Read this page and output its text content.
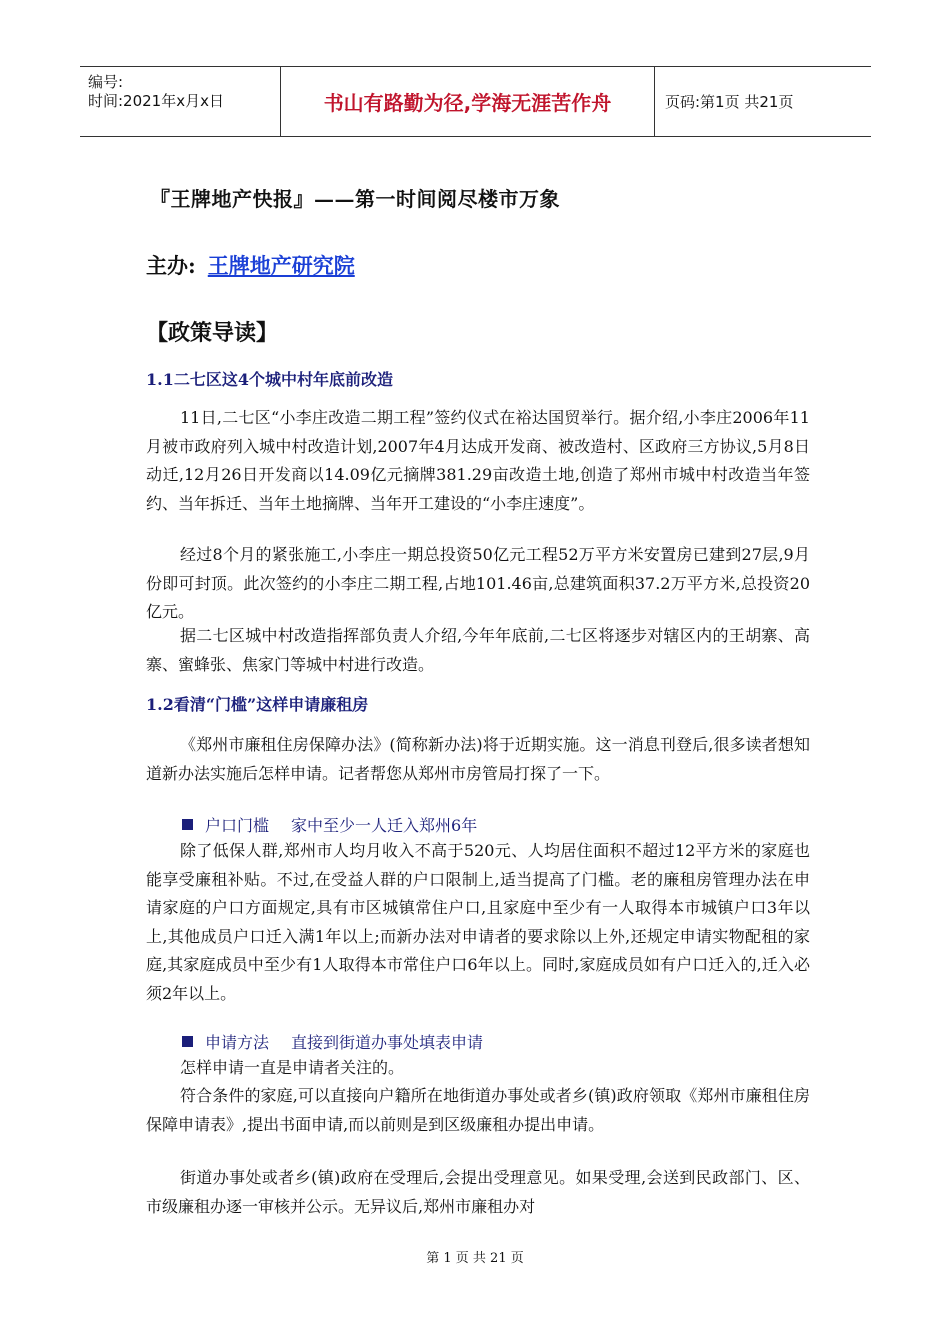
编号:
时间:2021年x月x日	书山有路勤为径,学海无涯苦作舟	页码:第1页 共21页
『王牌地产快报』——第一时间阅尽楼市万象
主办: 王牌地产研究院
【政策导读】
1.1二七区这4个城中村年底前改造
11日,二七区“小李庄改造二期工程”签约仪式在裕达国贸举行。据介绍,小李庄2006年11月被市政府列入城中村改造计划,2007年4月达成开发商、被改造村、区政府三方协议,5月8日动迁,12月26日开发商以14.09亿元摘牌381.29亩改造土地,创造了郑州市城中村改造当年签约、当年拆迁、当年土地摘牌、当年开工建设的“小李庄速度”。
经过8个月的紧张施工,小李庄一期总投资50亿元工程52万平方米安置房已建到27层,9月份即可封顶。此次签约的小李庄二期工程,占地101.46亩,总建筑面积37.2万平方米,总投资20亿元。
据二七区城中村改造指挥部负责人介绍,今年年底前,二七区将逐步对辖区内的王胡寨、高寨、蜜蜂张、焦家门等城中村进行改造。
1.2看清“门槛”这样申请廉租房
《郑州市廉租住房保障办法》(简称新办法)将于近期实施。这一消息刊登后,很多读者想知道新办法实施后怎样申请。记者帮您从郑州市房管局打探了一下。
户口门槛 家中至少一人迁入郑州6年
除了低保人群,郑州市人均月收入不高于520元、人均居住面积不超过12平方米的家庭也能享受廉租补贴。不过,在受益人群的户口限制上,适当提高了门槛。老的廉租房管理办法在申请家庭的户口方面规定,具有市区城镇常住户口,且家庭中至少有一人取得本市城镇户口3年以上,其他成员户口迁入满1年以上;而新办法对申请者的要求除以上外,还规定申请实物配租的家庭,其家庭成员中至少有1人取得本市常住户口6年以上。同时,家庭成员如有户口迁入的,迁入必须2年以上。
申请方法 直接到街道办事处填表申请
怎样申请一直是申请者关注的。
符合条件的家庭,可以直接向户籍所在地街道办事处或者乡(镇)政府领取《郑州市廉租住房保障申请表》,提出书面申请,而以前则是到区级廉租办提出申请。
街道办事处或者乡(镇)政府在受理后,会提出受理意见。如果受理,会送到民政部门、区、市级廉租办逐一审核并公示。无异议后,郑州市廉租办对
第 1 页 共 21 页
